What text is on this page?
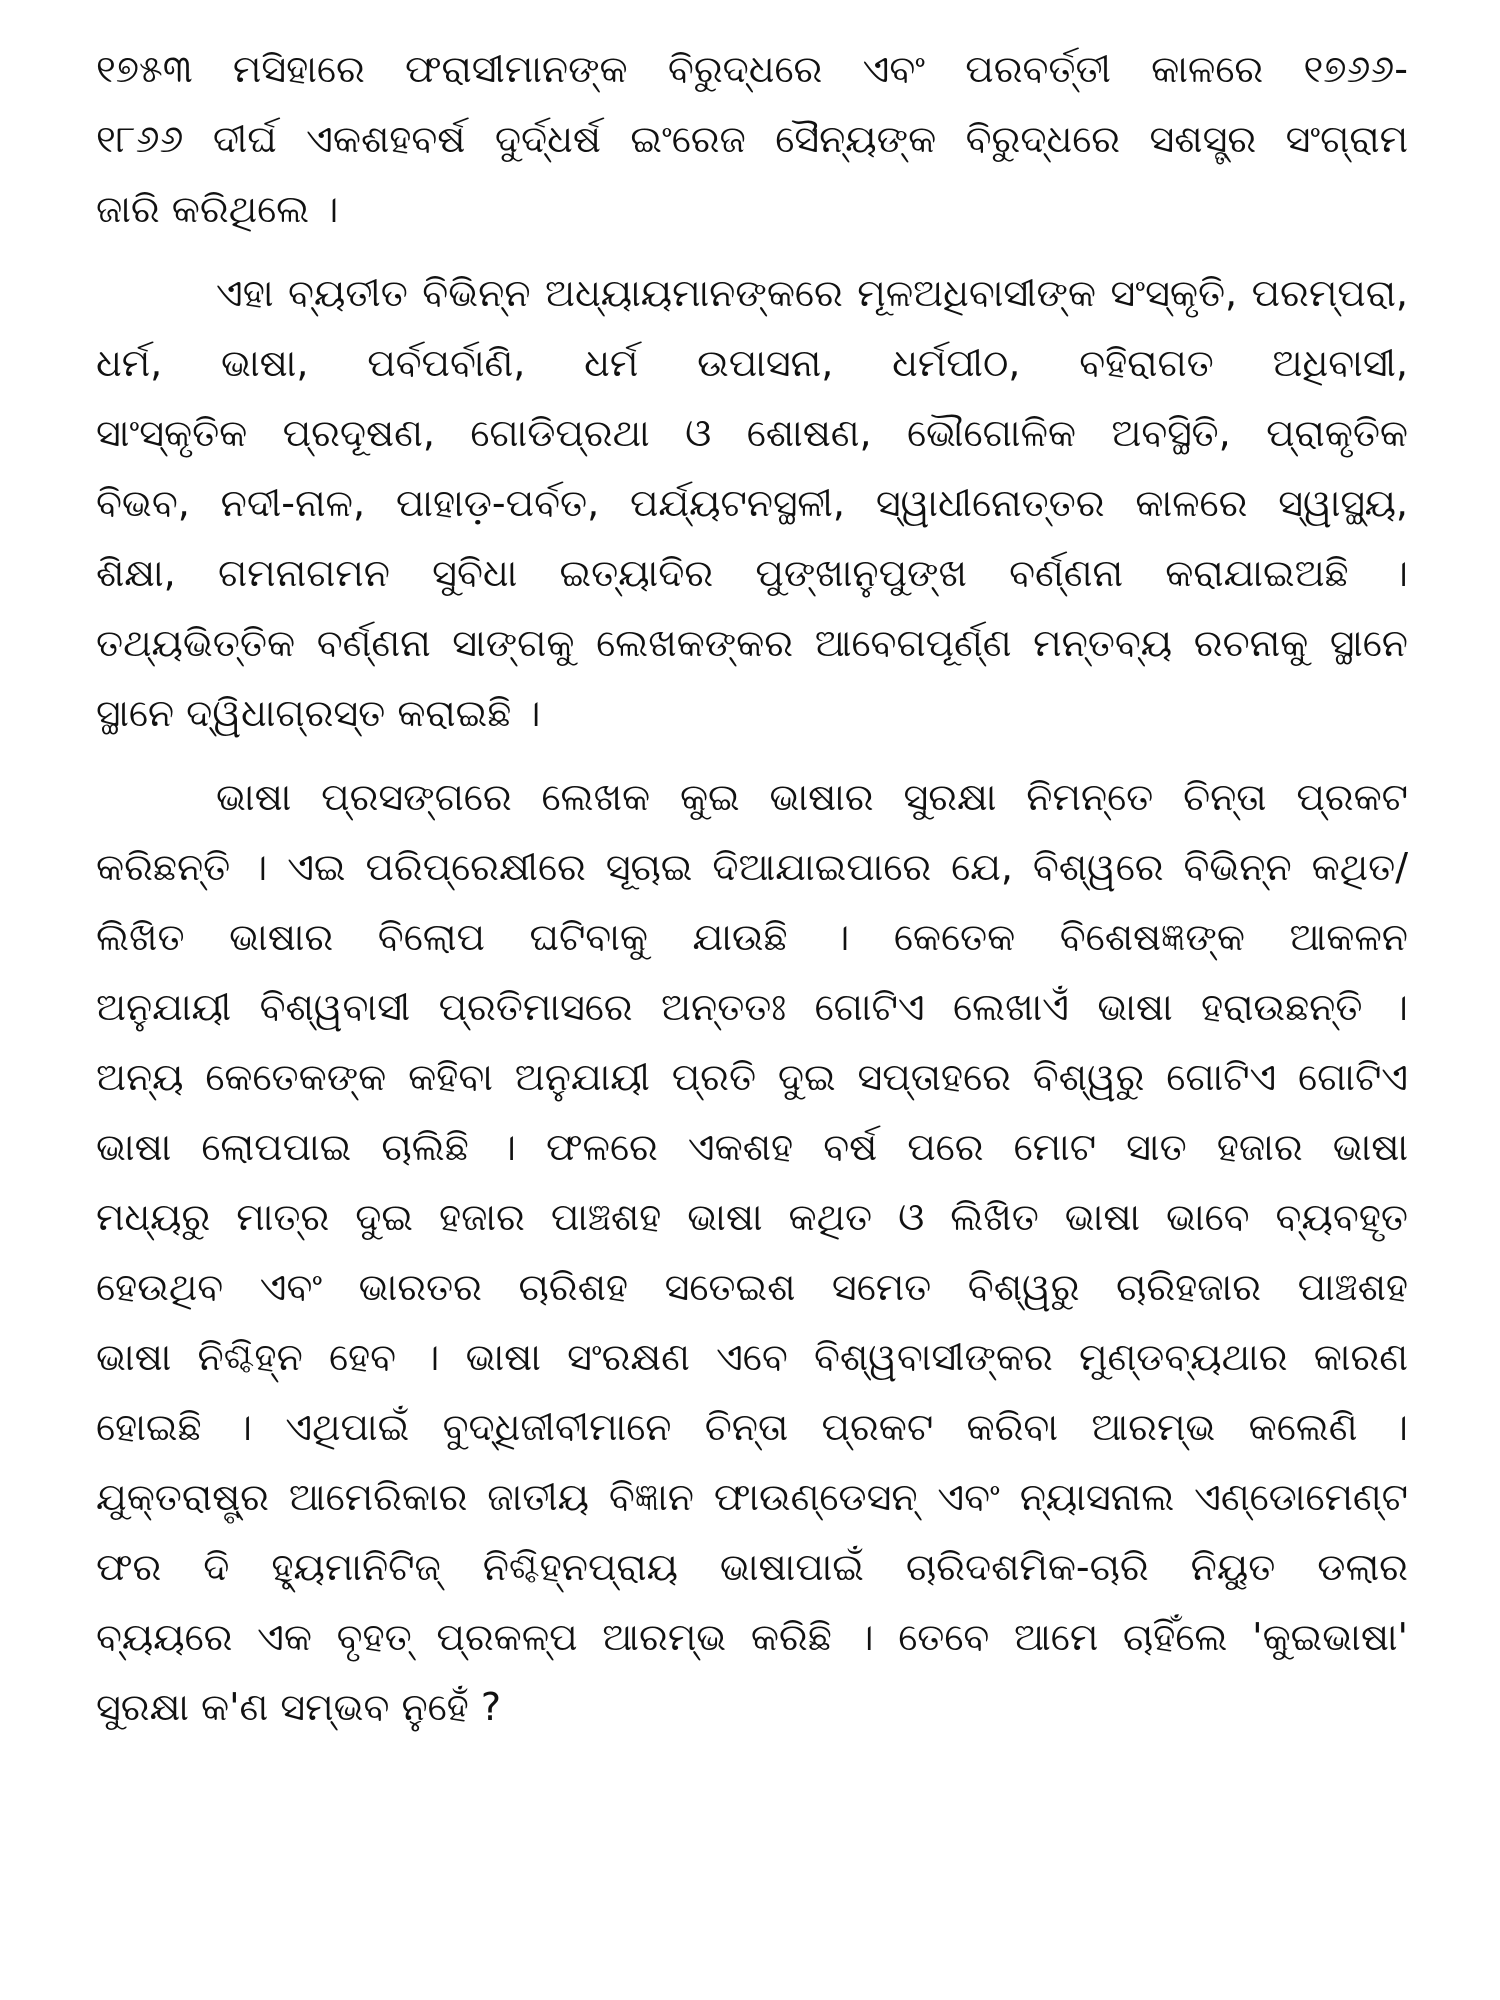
୧୭୫୩ ମସିହାରେ ଫରାସୀମାନଙ୍କ ବିରୁଦ୍ଧରେ ଏବଂ ପରବର୍ତ୍ତୀ କାଳରେ ୧୭୬୬-
୧୮୬୬ ଦୀର୍ଘ ଏକଶହବର୍ଷ ଦୁର୍ଦ୍ଧର୍ଷ ଇଂରେଜ ସୈନ୍ୟଙ୍କ ବିରୁଦ୍ଧରେ ସଶସ୍ତ୍ର ସଂଗ୍ରାମ
ଜାରି କରିଥିଲେ ।
ଏହା ବ୍ୟତୀତ ବିଭିନ୍ନ ଅଧ୍ୟାୟମାନଙ୍କରେ ମୂଳଅଧିବାସୀଙ୍କ ସଂସ୍କୃତି, ପରମ୍ପରା,
ଧର୍ମ, ଭାଷା, ପର୍ବପର୍ବାଣି, ଧର୍ମ ଉପାସନା, ଧର୍ମପୀଠ, ବହିରାଗତ ଅଧିବାସୀ,
ସାଂସ୍କୃତିକ ପ୍ରଦୂଷଣ, ଗୋଡିପ୍ରଥା ଓ ଶୋଷଣ, ଭୌଗୋଳିକ ଅବସ୍ଥିତି, ପ୍ରାକୃତିକ
ବିଭବ, ନଦୀ-ନାଳ, ପାହାଡ଼-ପର୍ବତ, ପର୍ଯ୍ୟଟନସ୍ଥଳୀ, ସ୍ୱାଧୀନୋତ୍ତର କାଳରେ ସ୍ୱାସ୍ଥ୍ୟ,
ଶିକ୍ଷା, ଗମନାଗମନ ସୁବିଧା ଇତ୍ୟାଦିର ପୁଙ୍ଖାନୁପୁଙ୍ଖ ବର୍ଣ୍ଣନା କରାଯାଇଅଛି ।
ତଥ୍ୟଭିତ୍ତିକ ବର୍ଣ୍ଣନା ସାଙ୍ଗକୁ ଲେଖକଙ୍କର ଆବେଗପୂର୍ଣ୍ଣ ମନ୍ତବ୍ୟ ରଚନାକୁ ସ୍ଥାନେ
ସ୍ଥାନେ ଦ୍ୱିଧାଗ୍ରସ୍ତ କରାଇଛି ।
ଭାଷା ପ୍ରସଙ୍ଗରେ ଲେଖକ କୁଇ ଭାଷାର ସୁରକ୍ଷା ନିମନ୍ତେ ଚିନ୍ତା ପ୍ରକଟ
କରିଛନ୍ତି । ଏଇ ପରିପ୍ରେକ୍ଷୀରେ ସୂଚାଇ ଦିଆଯାଇପାରେ ଯେ, ବିଶ୍ୱରେ ବିଭିନ୍ନ କଥିତ/
ଲିଖିତ ଭାଷାର ବିଲୋପ ଘଟିବାକୁ ଯାଉଛି । କେତେକ ବିଶେଷଜ୍ଞଙ୍କ ଆକଳନ
ଅନୁଯାୟୀ ବିଶ୍ୱବାସୀ ପ୍ରତିମାସରେ ଅନ୍ତତଃ ଗୋଟିଏ ଲେଖାଏଁ ଭାଷା ହରାଉଛନ୍ତି ।
ଅନ୍ୟ କେତେକଙ୍କ କହିବା ଅନୁଯାୟୀ ପ୍ରତି ଦୁଇ ସପ୍ତାହରେ ବିଶ୍ୱରୁ ଗୋଟିଏ ଗୋଟିଏ
ଭାଷା ଲୋପପାଇ ଚାଲିଛି । ଫଳରେ ଏକଶହ ବର୍ଷ ପରେ ମୋଟ ସାତ ହଜାର ଭାଷା
ମଧ୍ୟରୁ ମାତ୍ର ଦୁଇ ହଜାର ପାଞ୍ଚଶହ ଭାଷା କଥିତ ଓ ଲିଖିତ ଭାଷା ଭାବେ ବ୍ୟବହୃତ
ହେଉଥିବ ଏବଂ ଭାରତର ଚାରିଶହ ସତେଇଶ ସମେତ ବିଶ୍ୱରୁ ଚାରିହଜାର ପାଞ୍ଚଶହ
ଭାଷା ନିଶ୍ଚିହ୍ନ ହେବ । ଭାଷା ସଂରକ୍ଷଣ ଏବେ ବିଶ୍ୱବାସୀଙ୍କର ମୁଣ୍ଡବ୍ୟଥାର କାରଣ
ହୋଇଛି । ଏଥିପାଇଁ ବୁଦ୍ଧିଜୀବୀମାନେ ଚିନ୍ତା ପ୍ରକଟ କରିବା ଆରମ୍ଭ କଲେଣି ।
ଯୁକ୍ତରାଷ୍ଟ୍ର ଆମେରିକାର ଜାତୀୟ ବିଜ୍ଞାନ ଫାଉଣ୍ଡେସନ୍ ଏବଂ ନ୍ୟାସନାଲ ଏଣ୍ଡୋମେଣ୍ଟ
ଫର ଦି ହ୍ୟୁମାନିଟିଜ୍ ନିଶ୍ଚିହ୍ନପ୍ରାୟ ଭାଷାପାଇଁ ଚାରିଦଶମିକ-ଚାରି ନିୟୁତ ଡଲାର
ବ୍ୟୟରେ ଏକ ବୃହତ୍ ପ୍ରକଳ୍ପ ଆରମ୍ଭ କରିଛି । ତେବେ ଆମେ ଚାହିଁଲେ 'କୁଇଭାଷା'
ସୁରକ୍ଷା କ'ଣ ସମ୍ଭବ ନୁହେଁ ?
